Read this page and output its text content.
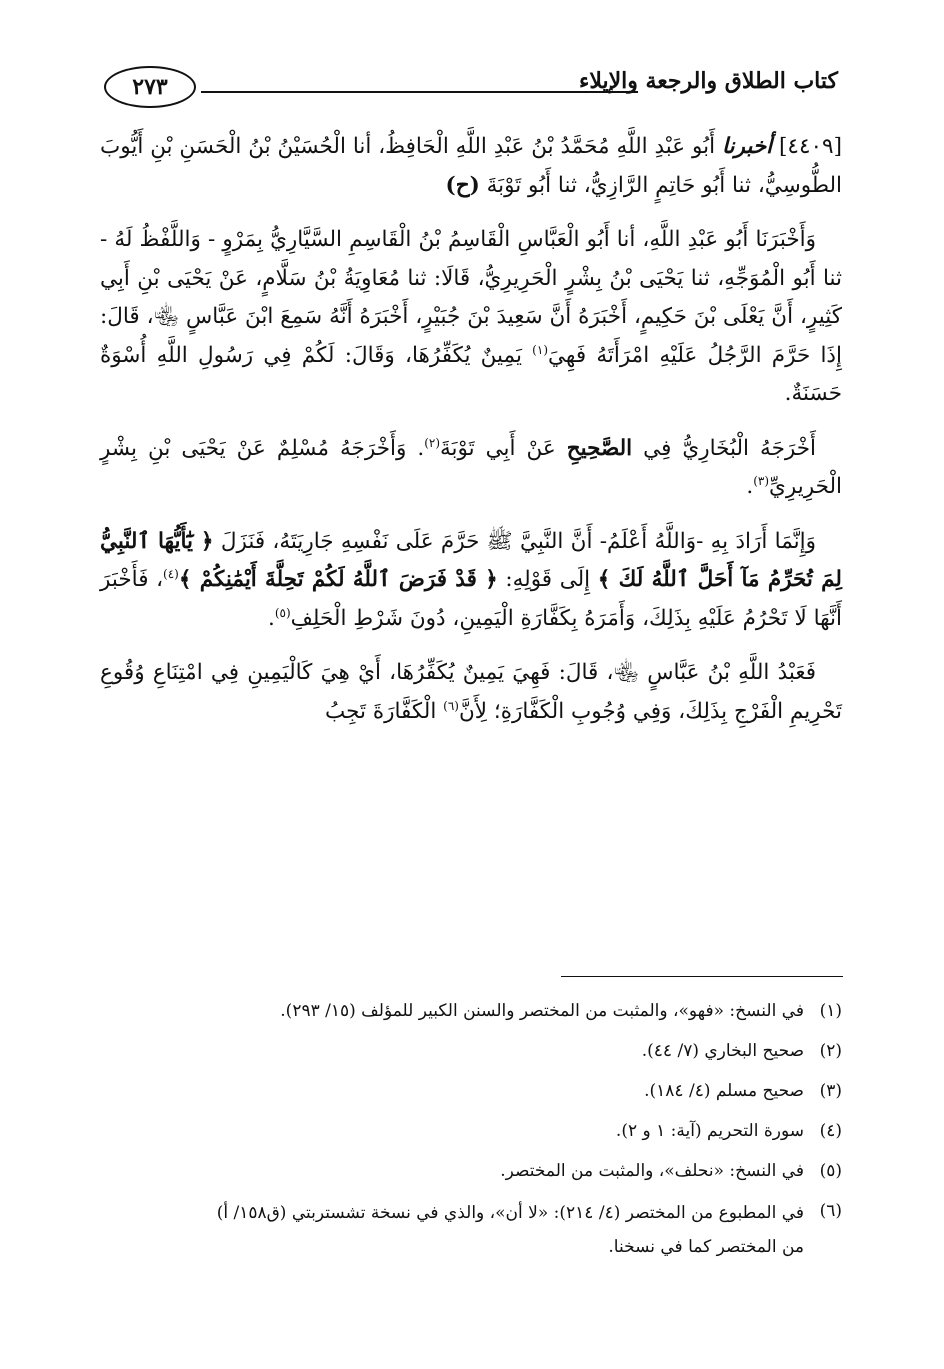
٢٧٣	كتاب الطلاق والرجعة والإيلاء

[٤٤٠٩] أخبرنا أَبُو عَبْدِ اللَّهِ مُحَمَّدُ بْنُ عَبْدِ اللَّهِ الْحَافِظُ، أنا الْحُسَيْنُ بْنُ الْحَسَنِ بْنِ أَيُّوبَ الطُّوسِيُّ، ثنا أَبُو حَاتِمٍ الرَّازِيُّ، ثنا أَبُو تَوْبَةَ (ح)

وَأَخْبَرَنَا أَبُو عَبْدِ اللَّهِ، أنا أَبُو الْعَبَّاسِ الْقَاسِمُ بْنُ الْقَاسِمِ السَّيَّارِيُّ بِمَرْوٍ - وَاللَّفْظُ لَهُ - ثنا أَبُو الْمُوَجِّهِ، ثنا يَحْيَى بْنُ بِشْرٍ الْحَرِيرِيُّ، قَالَا: ثنا مُعَاوِيَةُ بْنُ سَلَّامٍ، عَنْ يَحْيَى بْنِ أَبِي كَثِيرٍ، أَنَّ يَعْلَى بْنَ حَكِيمٍ، أَخْبَرَهُ أَنَّ سَعِيدَ بْنَ جُبَيْرٍ، أَخْبَرَهُ أَنَّهُ سَمِعَ ابْنَ عَبَّاسٍ ﵄، قَالَ: إِذَا حَرَّمَ الرَّجُلُ عَلَيْهِ امْرَأَتَهُ فَهِيَ$^{(١)}$ يَمِينٌ يُكَفِّرُهَا، وَقَالَ: لَكُمْ فِي رَسُولِ اللَّهِ أُسْوَةٌ حَسَنَةٌ.

أَخْرَجَهُ الْبُخَارِيُّ فِي الصَّحِيحِ عَنْ أَبِي تَوْبَةَ$^{(٢)}$. وَأَخْرَجَهُ مُسْلِمٌ عَنْ يَحْيَى بْنِ بِشْرٍ الْحَرِيرِيِّ$^{(٣)}$.

وَإِنَّمَا أَرَادَ بِهِ -وَاللَّهُ أَعْلَمُ- أَنَّ النَّبِيَّ ﷺ حَرَّمَ عَلَى نَفْسِهِ جَارِيَتَهُ، فَنَزَلَ ﴿ يَٰٓأَيُّهَا ٱلنَّبِيُّ لِمَ تُحَرِّمُ مَآ أَحَلَّ ٱللَّهُ لَكَ ﴾ إِلَى قَوْلِهِ: ﴿ قَدْ فَرَضَ ٱللَّهُ لَكُمْ تَحِلَّةَ أَيْمَٰنِكُمْ ﴾$^{(٤)}$، فَأَخْبَرَ أَنَّهَا لَا تَحْرُمُ عَلَيْهِ بِذَلِكَ، وَأَمَرَهُ بِكَفَّارَةِ الْيَمِينِ، دُونَ شَرْطِ الْحَلِفِ$^{(٥)}$.

فَعَبْدُ اللَّهِ بْنُ عَبَّاسٍ ﵄، قَالَ: فَهِيَ يَمِينٌ يُكَفِّرُهَا، أَيْ هِيَ كَالْيَمِينِ فِي امْتِنَاعِ وُقُوعِ تَحْرِيمِ الْفَرْجِ بِذَلِكَ، وَفِي وُجُوبِ الْكَفَّارَةِ؛ لِأَنَّ$^{(٦)}$ الْكَفَّارَةَ تَجِبُ

(١)
في النسخ: «فهو»، والمثبت من المختصر والسنن الكبير للمؤلف (١٥/ ٢٩٣).
(٢)
صحيح البخاري (٧/ ٤٤).
(٣)
صحيح مسلم (٤/ ١٨٤).
(٤)
سورة التحريم (آية: ١ و ٢).
(٥)
في النسخ: «نحلف»، والمثبت من المختصر.
(٦)
في المطبوع من المختصر (٤/ ٢١٤): «لا أن»، والذي في نسخة تشستربتي (ق١٥٨/ أ)
من المختصر كما في نسخنا.
